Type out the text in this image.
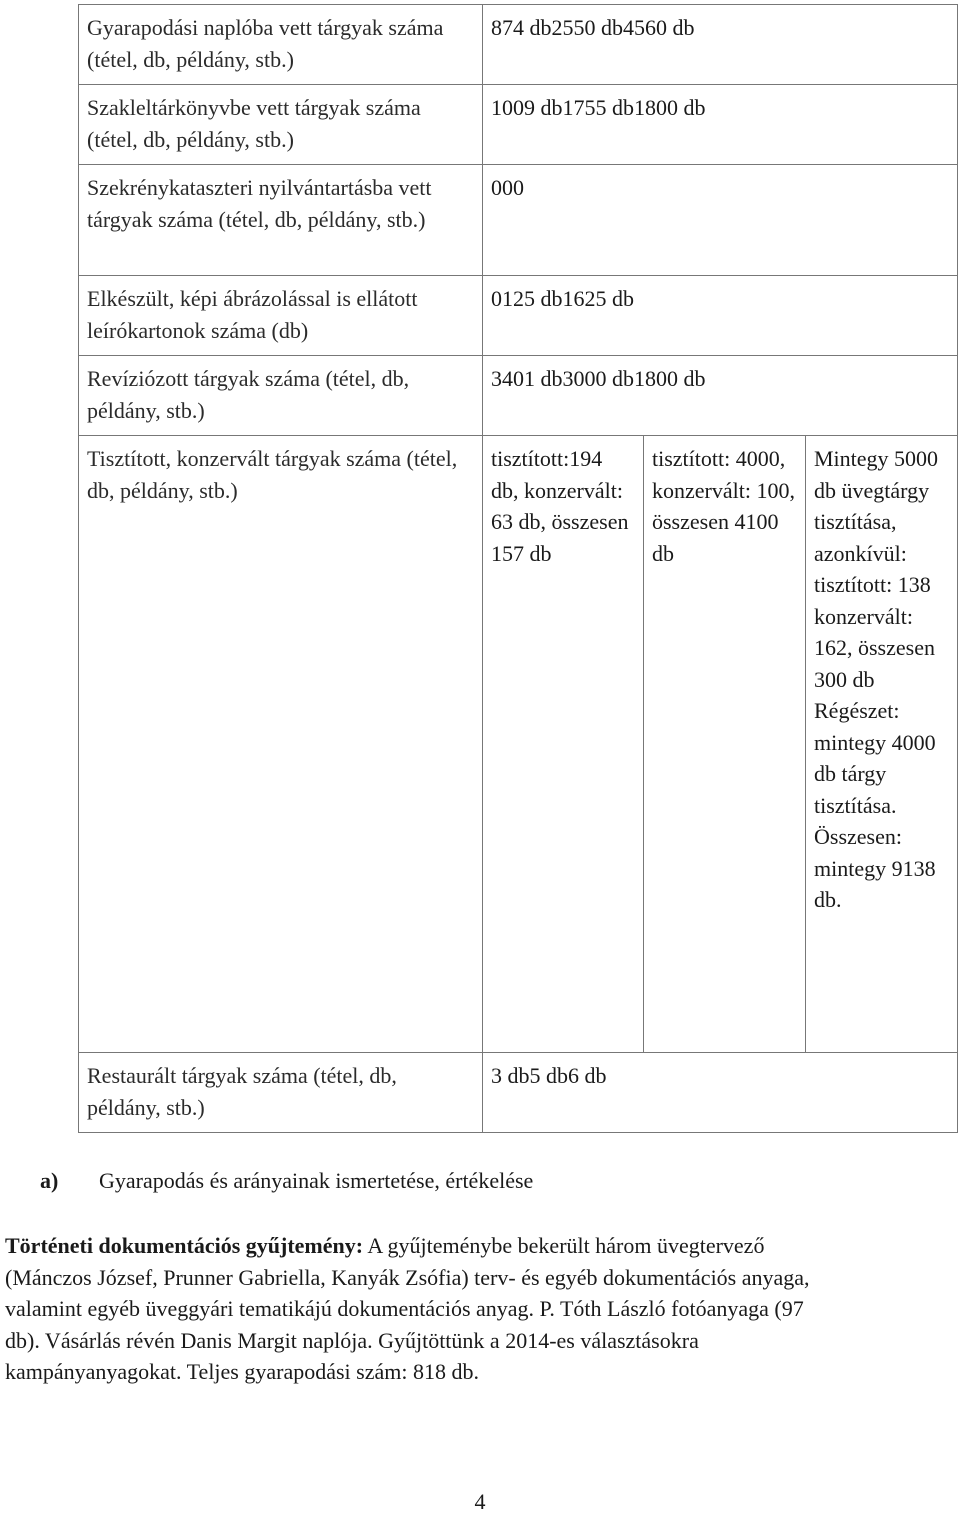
Gyarapodási naplóba vett tárgyak száma (tétel, db, példány, stb.)	874 db2550 db4560 db		
Szakleltárkönyvbe vett tárgyak száma (tétel, db, példány, stb.)	1009 db1755 db1800 db		
Szekrénykataszteri nyilvántartásba vett tárgyak száma (tétel, db, példány, stb.)	000		
Elkészült, képi ábrázolással is ellátott leírókartonok száma (db)	0125 db1625 db		
Revíziózott tárgyak száma (tétel, db, példány, stb.)	3401 db3000 db1800 db		
Tisztított, konzervált tárgyak száma (tétel, db, példány, stb.)	tisztított:194 db, konzervált: 63 db, összesen 157 db	tisztított: 4000, konzervált: 100, összesen 4100 db	Mintegy 5000 db üvegtárgy tisztítása, azonkívül: tisztított: 138 konzervált: 162, összesen 300 db Régészet: mintegy 4000 db tárgy tisztítása. Összesen: mintegy 9138 db.
Restaurált tárgyak száma (tétel, db, példány, stb.)	3 db5 db6 db		
a) Gyarapodás és arányainak ismertetése, értékelése
Történeti dokumentációs gyűjtemény: A gyűjteménybe bekerült három üvegtervező
(Mánczos József, Prunner Gabriella, Kanyák Zsófia) terv- és egyéb dokumentációs anyaga,
valamint egyéb üveggyári tematikájú dokumentációs anyag. P. Tóth László fotóanyaga (97
db). Vásárlás révén Danis Margit naplója. Gyűjtöttünk a 2014-es választásokra
kampányanyagokat. Teljes gyarapodási szám: 818 db.
4
